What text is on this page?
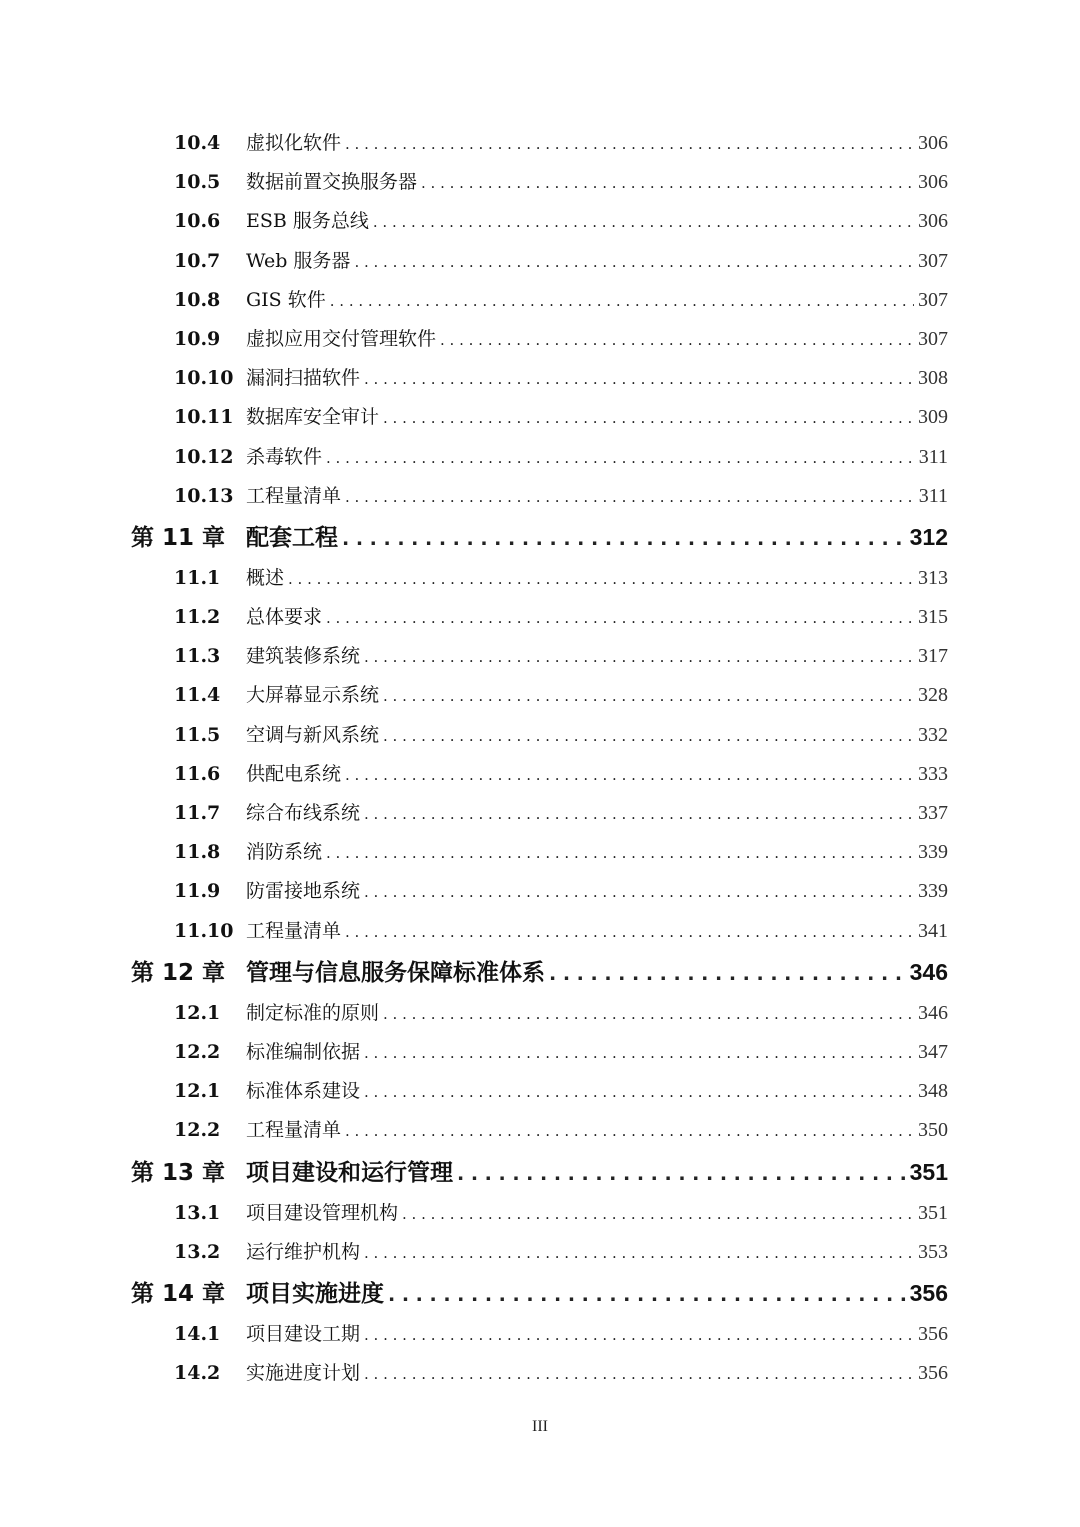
10.4	虚拟化软件 . . .	306
10.5	数据前置交换服务器 . . .	306
10.6	ESB 服务总线 . . .	306
10.7	Web 服务器 . . .	307
10.8	GIS 软件 . . .	307
10.9	虚拟应用交付管理软件 . . .	307
10.10 漏洞扫描软件 . . .	308
10.11 数据库安全审计 . . .	309
10.12 杀毒软件 . . .	311
10.13 工程量清单 . . .	311
第 11 章 配套工程 . . .	312
11.1	概述 . . .	313
11.2	总体要求 . . .	315
11.3	建筑装修系统 . . .	317
11.4	大屏幕显示系统 . . .	328
11.5	空调与新风系统 . . .	332
11.6	供配电系统 . . .	333
11.7	综合布线系统 . . .	337
11.8	消防系统 . . .	339
11.9	防雷接地系统 . . .	339
11.10 工程量清单 . . .	341
第 12 章 管理与信息服务保障标准体系 . . .	346
12.1	制定标准的原则 . . .	346
12.2	标准编制依据 . . .	347
12.1	标准体系建设 . . .	348
12.2	工程量清单 . . .	350
第 13 章 项目建设和运行管理 . . .	351
13.1	项目建设管理机构 . . .	351
13.2	运行维护机构 . . .	353
第 14 章 项目实施进度 . . .	356
14.1	项目建设工期 . . .	356
14.2	实施进度计划 . . .	356
III
